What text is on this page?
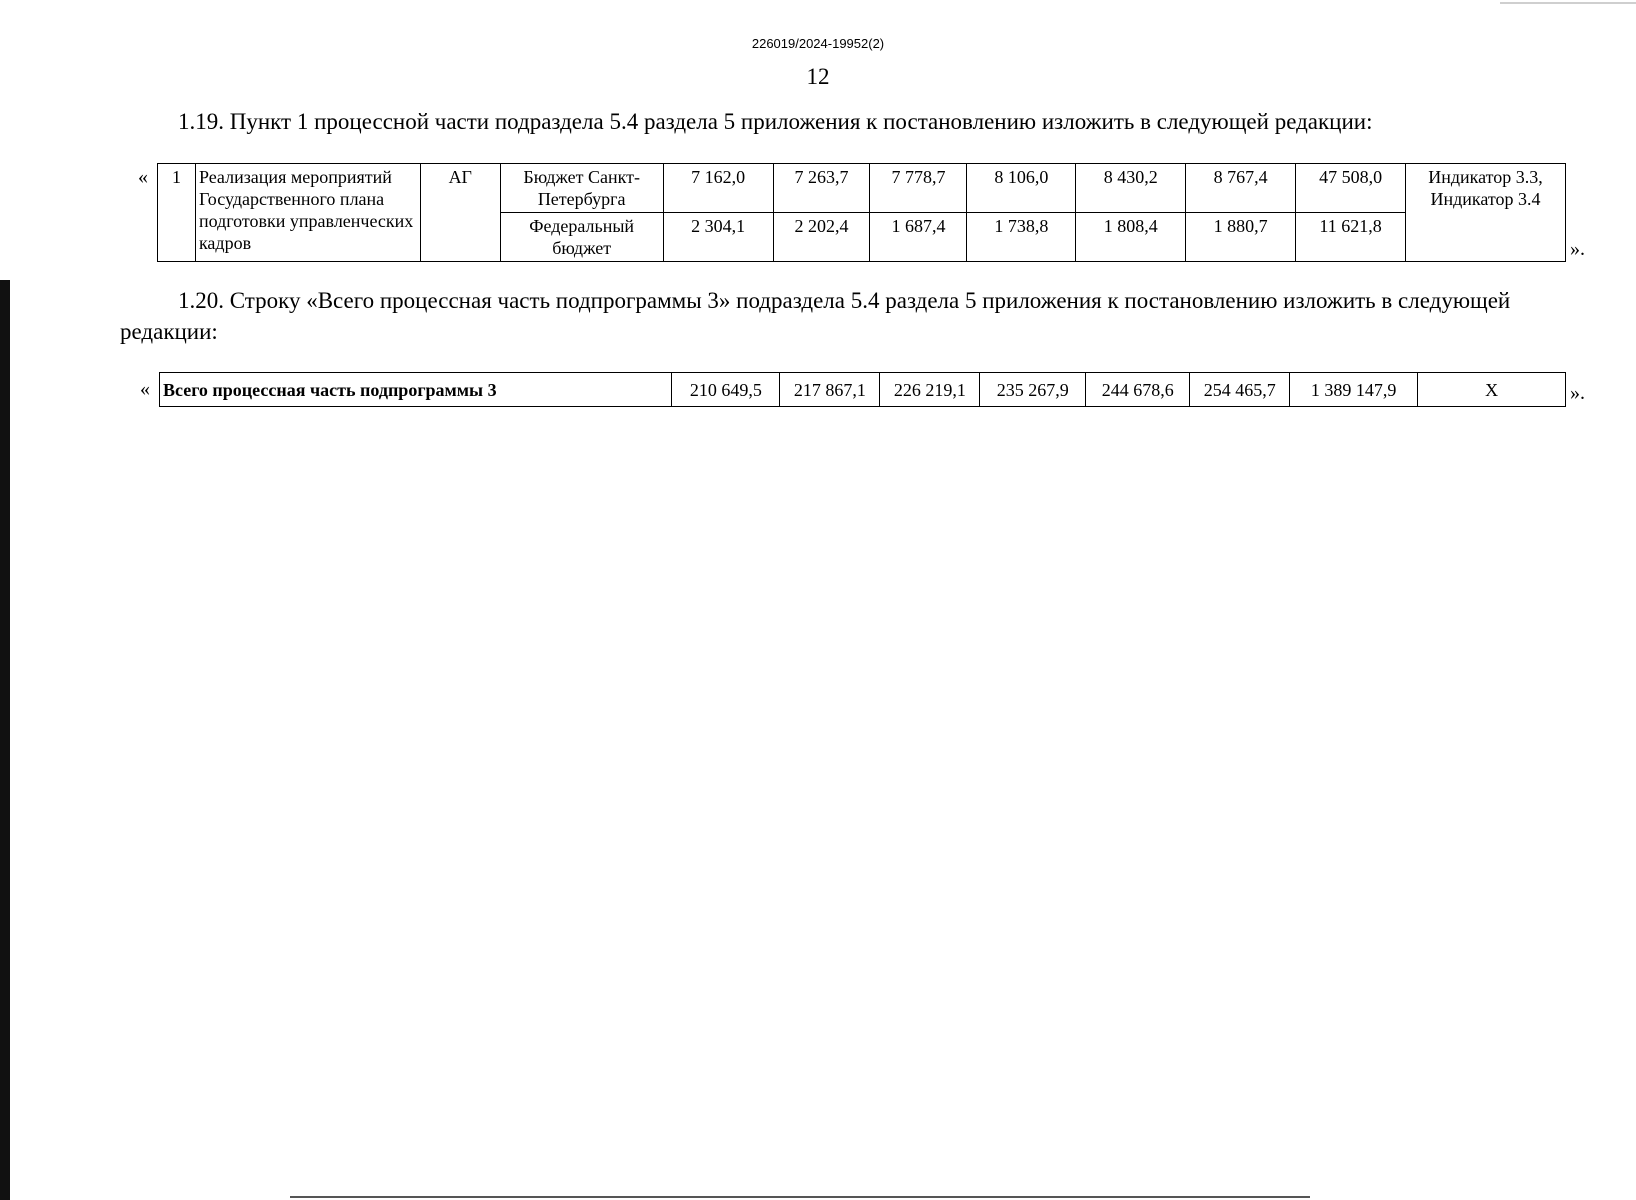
226019/2024-19952(2)
12

1.19. Пункт 1 процессной части подраздела 5.4 раздела 5 приложения к постановлению изложить в следующей редакции:

« 1	Реализация мероприятий Государственного плана подготовки управленческих кадров	АГ	Бюджет Санкт-Петербурга	7 162,0	7 263,7	7 778,7	8 106,0	8 430,2	8 767,4	47 508,0	Индикатор 3.3, Индикатор 3.4
			Федеральный бюджет	2 304,1	2 202,4	1 687,4	1 738,8	1 808,4	1 880,7	11 621,8	
».

1.20. Строку «Всего процессная часть подпрограммы 3» подраздела 5.4 раздела 5 приложения к постановлению изложить в следующей редакции:

« Всего процессная часть подпрограммы 3	210 649,5	217 867,1	226 219,1	235 267,9	244 678,6	254 465,7	1 389 147,9	X	».
